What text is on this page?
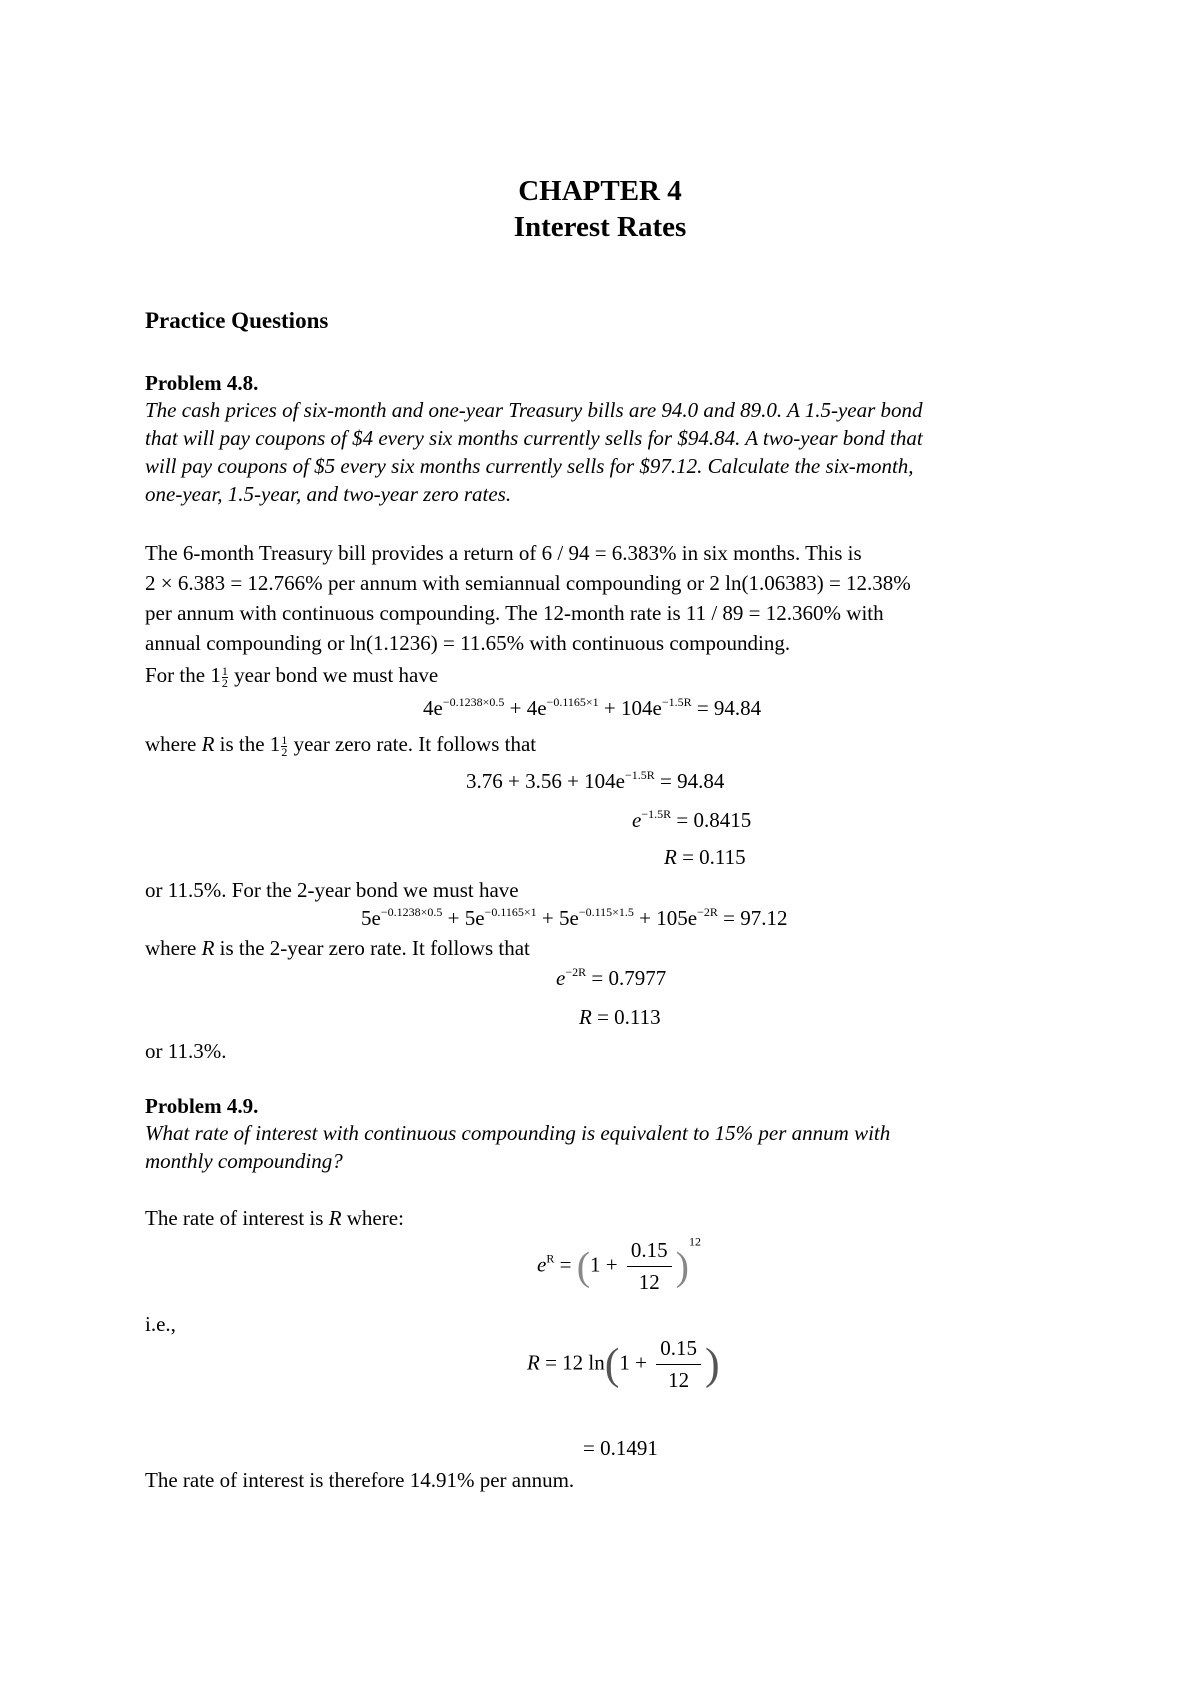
CHAPTER 4
Interest Rates
Practice Questions
Problem 4.8.
The cash prices of six-month and one-year Treasury bills are 94.0 and 89.0. A 1.5-year bond
that will pay coupons of $4 every six months currently sells for $94.84. A two-year bond that
will pay coupons of $5 every six months currently sells for $97.12. Calculate the six-month,
one-year, 1.5-year, and two-year zero rates.
The 6-month Treasury bill provides a return of 6 / 94 = 6.383% in six months. This is
2 × 6.383 = 12.766% per annum with semiannual compounding or 2 ln(1.06383) = 12.38%
per annum with continuous compounding. The 12-month rate is 11 / 89 = 12.360% with
annual compounding or ln(1.1236) = 11.65% with continuous compounding.
For the $1 \frac{1}{2}$ year bond we must have
$4e^{-0.1238\times 0.5} + 4e^{-0.1165\times 1} + 104e^{-1.5R} = 94.84$
where R is the $1 \frac{1}{2}$ year zero rate. It follows that
$3.76 + 3.56 + 104e^{-1.5R} = 94.84$
$e^{-1.5R} = 0.8415$
R = 0.115
or 11.5%. For the 2-year bond we must have
$5e^{-0.1238\times 0.5} + 5e^{-0.1165\times 1} + 5e^{-0.115\times 1.5} + 105e^{-2R} = 97.12$
where R is the 2-year zero rate. It follows that
$e^{-2R} = 0.7977$
R = 0.113
or 11.3%.
Problem 4.9.
What rate of interest with continuous compounding is equivalent to 15% per annum with
monthly compounding?
The rate of interest is R where:
$e^R = (1 + \frac{0.15}{12} )^{12}$
i.e.,
R = 12 $\ln(1 + \frac{0.15}{12}$ )
= 0.1491
The rate of interest is therefore 14.91% per annum.
